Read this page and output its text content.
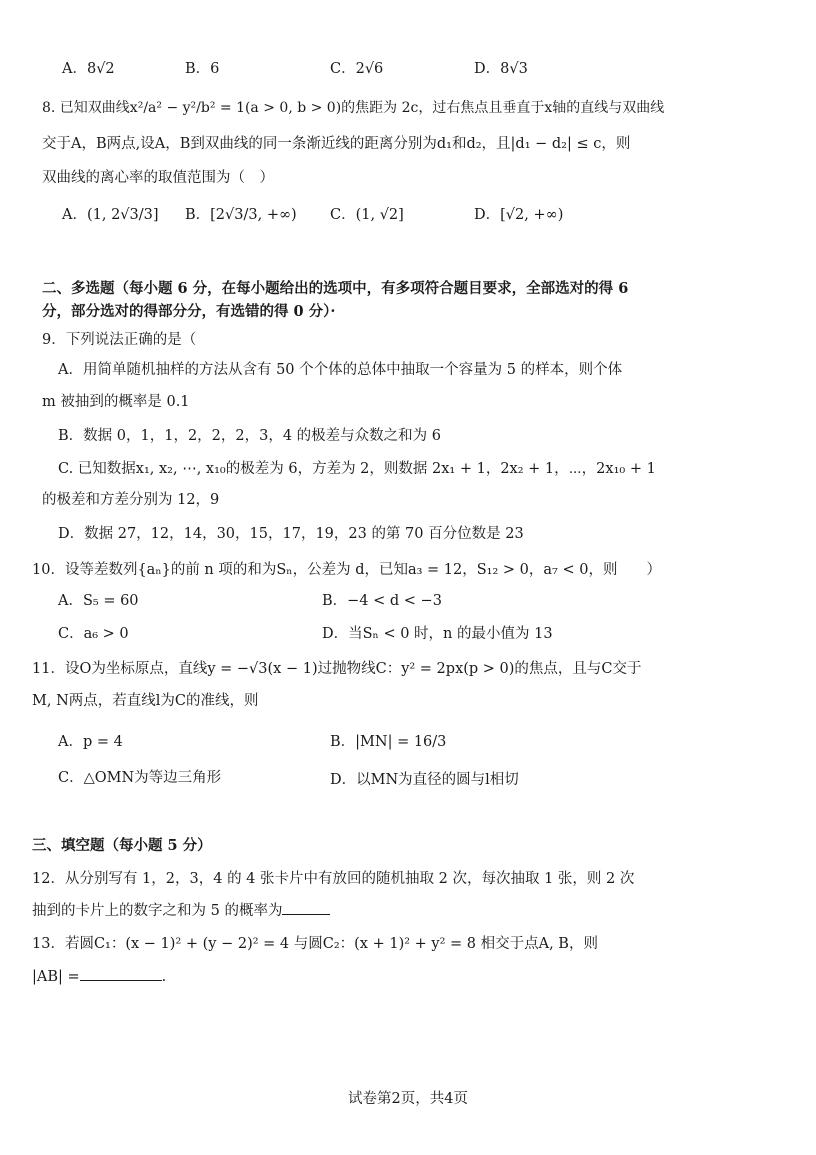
A．8√2	B．6	C．2√6	D．8√3
8. 已知双曲线x²/a² − y²/b² = 1(a > 0, b > 0)的焦距为 2c，过右焦点且垂直于x轴的直线与双曲线
交于A，B两点,设A，B到双曲线的同一条渐近线的距离分别为d₁和d₂，且|d₁ − d₂| ≤ c，则
双曲线的离心率的取值范围为（　）
A．(1, 2√3/3] B．[2√3/3, +∞) C．(1, √2]	D．[√2, +∞)
二、多选题（每小题 6 分，在每小题给出的选项中，有多项符合题目要求，全部选对的得 6
分，部分选对的得部分分，有选错的得 0 分）·
9．下列说法正确的是（
A．用简单随机抽样的方法从含有 50 个个体的总体中抽取一个容量为 5 的样本，则个体
m 被抽到的概率是 0.1
B．数据 0，1，1，2，2，2，3，4 的极差与众数之和为 6
C. 已知数据x₁, x₂, ⋯, x₁₀的极差为 6，方差为 2，则数据 2x₁ + 1，2x₂ + 1，⋯，2x₁₀ + 1
的极差和方差分别为 12，9
D．数据 27，12，14，30，15，17，19，23 的第 70 百分位数是 23
10．设等差数列{aₙ}的前 n 项的和为Sₙ，公差为 d，已知a₃ = 12，S₁₂ > 0，a₇ < 0，则　　）
A．S₅ = 60	B．−4 < d < −3
C．a₆ > 0	D．当Sₙ < 0 时，n 的最小值为 13
11．设O为坐标原点，直线y = −√3(x − 1)过抛物线C：y² = 2px(p > 0)的焦点，且与C交于
M, N两点，若直线l为C的准线，则
A．p = 4	B．|MN| = 16/3
C．△OMN为等边三角形	D．以MN为直径的圆与l相切
三、填空题（每小题 5 分）
12．从分别写有 1，2，3，4 的 4 张卡片中有放回的随机抽取 2 次，每次抽取 1 张，则 2 次
抽到的卡片上的数字之和为 5 的概率为
13．若圆C₁：(x − 1)² + (y − 2)² = 4 与圆C₂：(x + 1)² + y² = 8 相交于点A, B，则
|AB| =	.
试卷第2页，共4页
